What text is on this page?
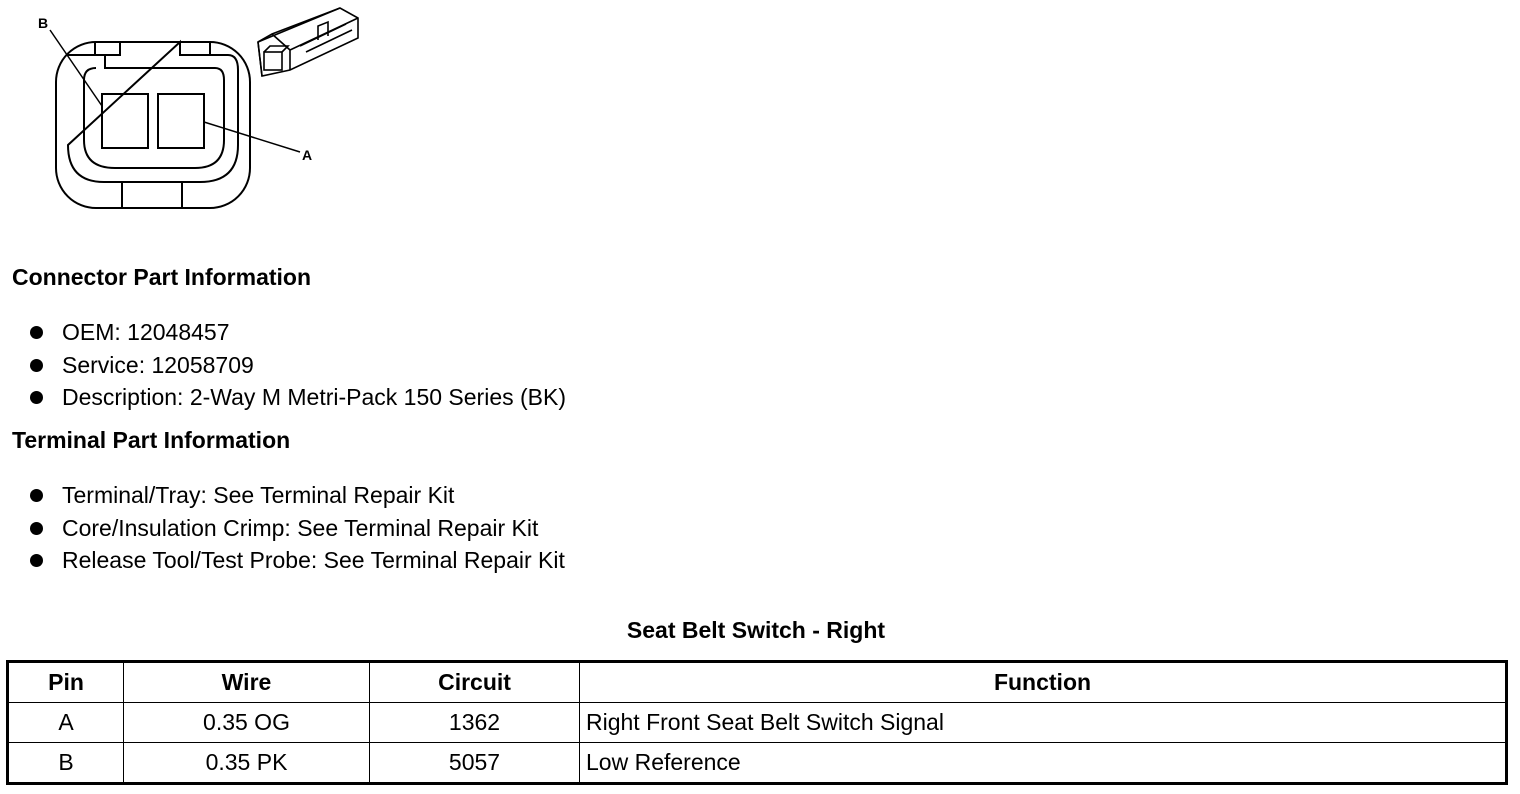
B
A
Connector Part Information
OEM: 12048457
Service: 12058709
Description: 2-Way M Metri-Pack 150 Series (BK)
Terminal Part Information
Terminal/Tray: See Terminal Repair Kit
Core/Insulation Crimp: See Terminal Repair Kit
Release Tool/Test Probe: See Terminal Repair Kit
Seat Belt Switch - Right
Pin	Wire	Circuit	Function
A	0.35 OG	1362	Right Front Seat Belt Switch Signal
B	0.35 PK	5057	Low Reference
